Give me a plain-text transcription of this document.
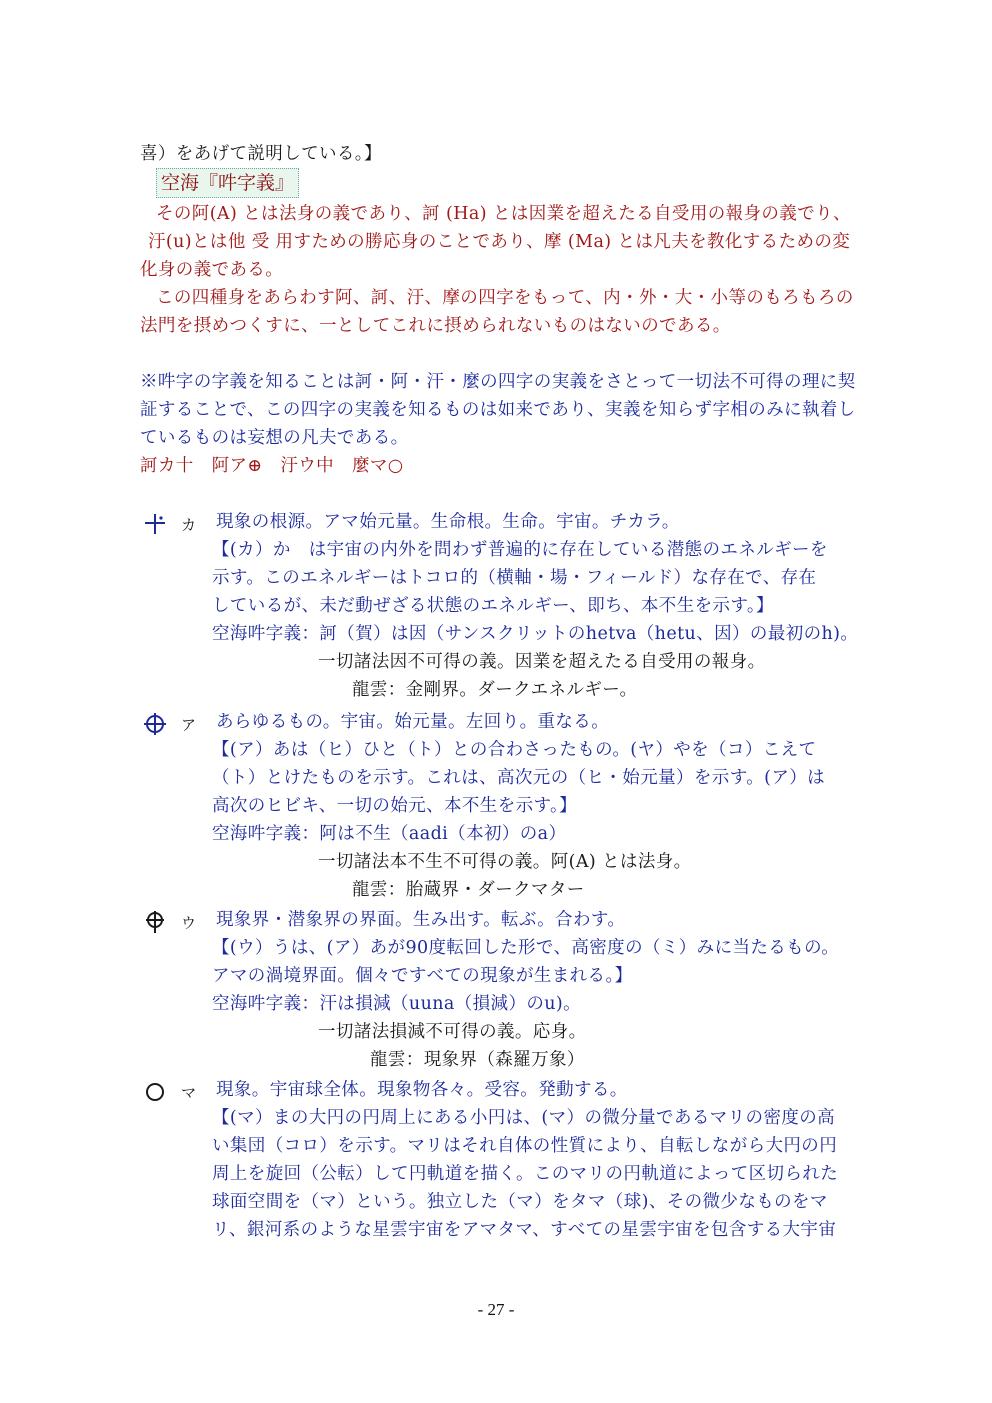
喜）をあげて説明している。】
空海『吽字義』
その阿(A) とは法身の義であり、訶 (Ha) とは因業を超えたる自受用の報身の義でり、
汙(u)とは他 受 用すための勝応身のことであり、摩 (Ma) とは凡夫を教化するための変
化身の義である。
この四種身をあらわす阿、訶、汙、摩の四字をもって、内・外・大・小等のもろもろの
法門を摂めつくすに、一としてこれに摂められないものはないのである。
※吽字の字義を知ることは訶・阿・汗・麼の四字の実義をさとって一切法不可得の理に契
証することで、この四字の実義を知るものは如来であり、実義を知らず字相のみに執着し
ているものは妄想の凡夫である。
訶カ十　阿ア⊕　汙ウ中　麼マ○
カ 現象の根源。アマ始元量。生命根。生命。宇宙。チカラ。
【(カ）か　は宇宙の内外を問わず普遍的に存在している潜態のエネルギーを
示す。このエネルギーはトコロ的（横軸・場・フィールド）な存在で、存在
しているが、未だ動ぜざる状態のエネルギー、即ち、本不生を示す。】
空海吽字義：訶（賀）は因（サンスクリットのhetva（hetu、因）の最初のh)。
一切諸法因不可得の義。因業を超えたる自受用の報身。
龍雲：金剛界。ダークエネルギー。
ア あらゆるもの。宇宙。始元量。左回り。重なる。
【(ア）あは（ヒ）ひと（ト）との合わさったもの。(ヤ）やを（コ）こえて
（ト）とけたものを示す。これは、高次元の（ヒ・始元量）を示す。(ア）は
高次のヒビキ、一切の始元、本不生を示す。】
空海吽字義：阿は不生（aadi（本初）のa）
一切諸法本不生不可得の義。阿(A) とは法身。
龍雲：胎蔵界・ダークマター
ウ 現象界・潜象界の界面。生み出す。転ぶ。合わす。
【(ウ）うは、(ア）あが90度転回した形で、高密度の（ミ）みに当たるもの。
アマの渦境界面。個々ですべての現象が生まれる。】
空海吽字義：汗は損減（uuna（損減）のu)。
一切諸法損減不可得の義。応身。
龍雲：現象界（森羅万象）
マ 現象。宇宙球全体。現象物各々。受容。発動する。
【(マ）まの大円の円周上にある小円は、(マ）の微分量であるマリの密度の高
い集団（コロ）を示す。マリはそれ自体の性質により、自転しながら大円の円
周上を旋回（公転）して円軌道を描く。このマリの円軌道によって区切られた
球面空間を（マ）という。独立した（マ）をタマ（球)、その微少なものをマ
リ、銀河系のような星雲宇宙をアマタマ、すべての星雲宇宙を包含する大宇宙
- 27 -
